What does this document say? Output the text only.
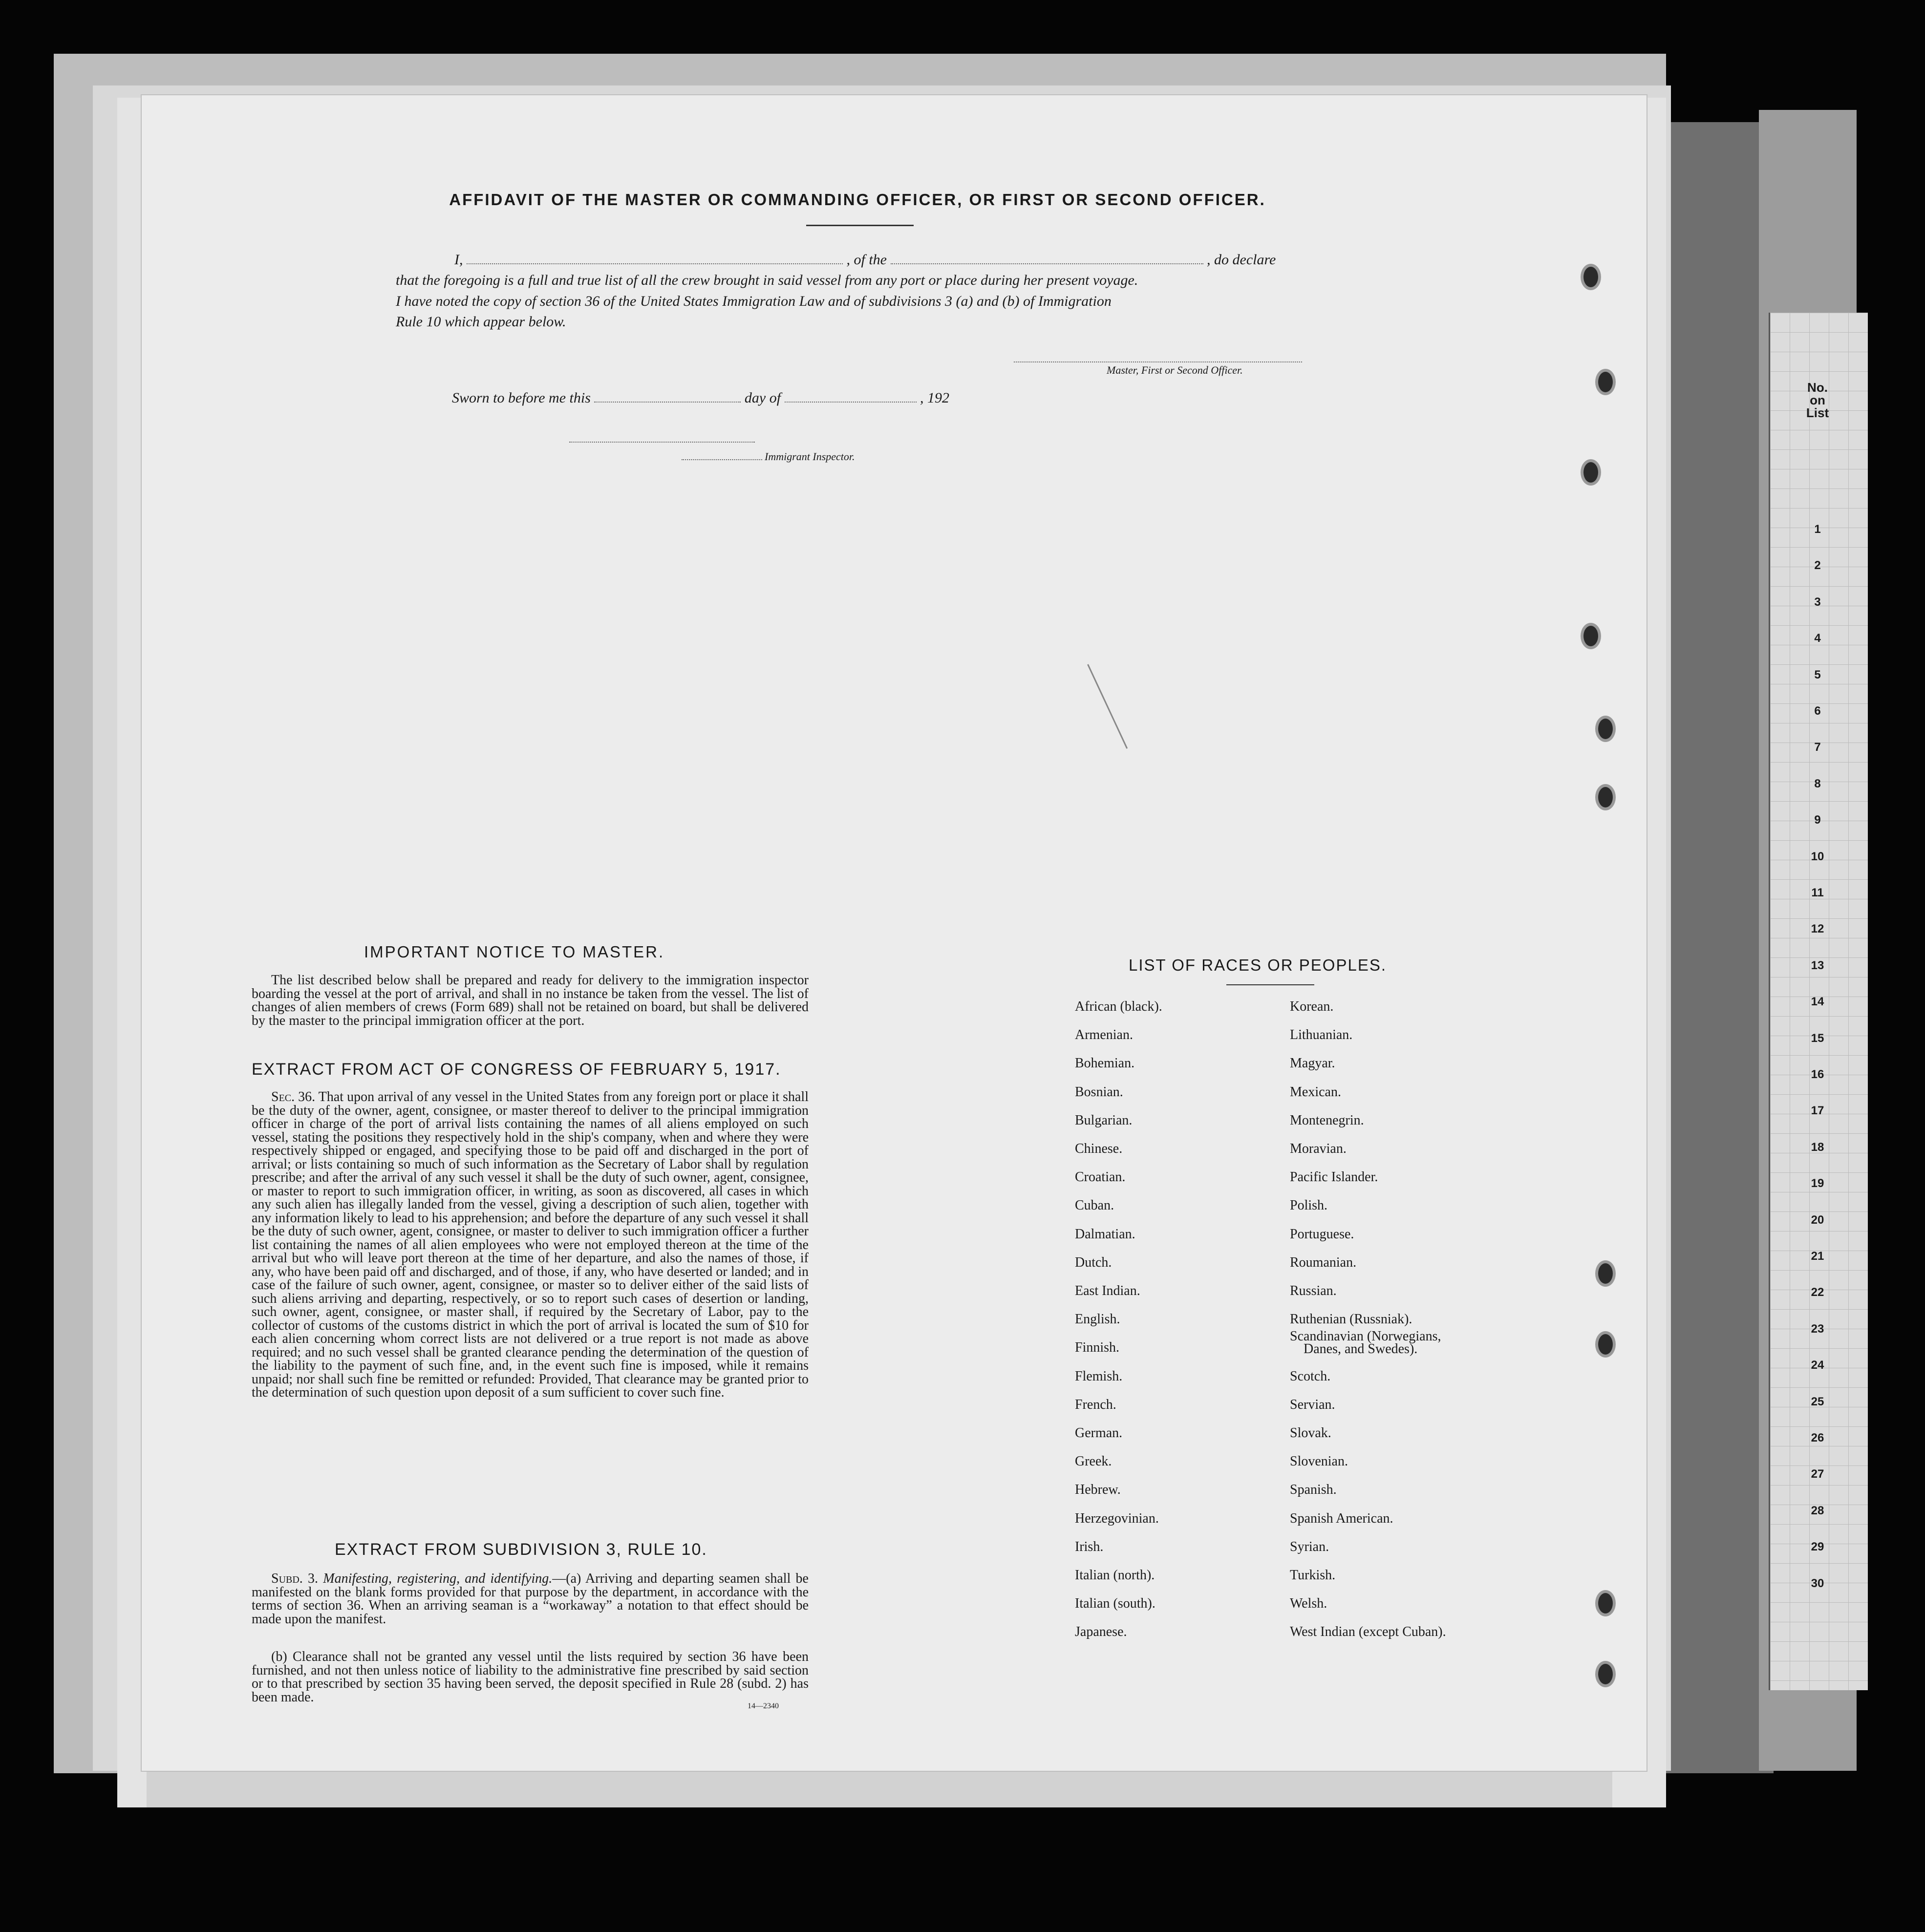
No.
on
List
1
2
3
4
5
6
7
8
9
10
11
12
13
14
15
16
17
18
19
20
21
22
23
24
25
26
27
28
29
30
AFFIDAVIT OF THE MASTER OR COMMANDING OFFICER, OR FIRST OR SECOND OFFICER.
I,	, of the	, do declare
that the foregoing is a full and true list of all the crew brought in said vessel from any port or place during her present voyage.
I have noted the copy of section 36 of the United States Immigration Law and of subdivisions 3 (a) and (b) of Immigration
Rule 10 which appear below.
Master, First or Second Officer.
Sworn to before me this	day of	, 192
Immigrant Inspector.
IMPORTANT NOTICE TO MASTER.
The list described below shall be prepared and ready for delivery to the immigration inspector boarding the vessel at the port of arrival, and shall in no instance be taken from the vessel. The list of changes of alien members of crews (Form 689) shall not be retained on board, but shall be delivered by the master to the principal immigration officer at the port.
EXTRACT FROM ACT OF CONGRESS OF FEBRUARY 5, 1917.
Sec. 36. That upon arrival of any vessel in the United States from any foreign port or place it shall be the duty of the owner, agent, consignee, or master thereof to deliver to the principal immigration officer in charge of the port of arrival lists containing the names of all aliens employed on such vessel, stating the positions they respectively hold in the ship's company, when and where they were respectively shipped or engaged, and specifying those to be paid off and discharged in the port of arrival; or lists containing so much of such information as the Secretary of Labor shall by regulation prescribe; and after the arrival of any such vessel it shall be the duty of such owner, agent, consignee, or master to report to such immigration officer, in writing, as soon as discovered, all cases in which any such alien has illegally landed from the vessel, giving a description of such alien, together with any information likely to lead to his apprehension; and before the departure of any such vessel it shall be the duty of such owner, agent, consignee, or master to deliver to such immigration officer a further list containing the names of all alien employees who were not employed thereon at the time of the arrival but who will leave port thereon at the time of her departure, and also the names of those, if any, who have been paid off and discharged, and of those, if any, who have deserted or landed; and in case of the failure of such owner, agent, consignee, or master so to deliver either of the said lists of such aliens arriving and departing, respectively, or so to report such cases of desertion or landing, such owner, agent, consignee, or master shall, if required by the Secretary of Labor, pay to the collector of customs of the customs district in which the port of arrival is located the sum of $10 for each alien concerning whom correct lists are not delivered or a true report is not made as above required; and no such vessel shall be granted clearance pending the determination of the question of the liability to the payment of such fine, and, in the event such fine is imposed, while it remains unpaid; nor shall such fine be remitted or refunded: Provided, That clearance may be granted prior to the determination of such question upon deposit of a sum sufficient to cover such fine.
EXTRACT FROM SUBDIVISION 3, RULE 10.
Subd. 3. Manifesting, registering, and identifying.—(a) Arriving and departing seamen shall be manifested on the blank forms provided for that purpose by the department, in accordance with the terms of section 36. When an arriving seaman is a “workaway” a notation to that effect should be made upon the manifest.
(b) Clearance shall not be granted any vessel until the lists required by section 36 have been furnished, and not then unless notice of liability to the administrative fine prescribed by said section or to that prescribed by section 35 having been served, the deposit specified in Rule 28 (subd. 2) has been made.
14—2340
LIST OF RACES OR PEOPLES.
African (black).
Armenian.
Bohemian.
Bosnian.
Bulgarian.
Chinese.
Croatian.
Cuban.
Dalmatian.
Dutch.
East Indian.
English.
Finnish.
Flemish.
French.
German.
Greek.
Hebrew.
Herzegovinian.
Irish.
Italian (north).
Italian (south).
Japanese.
Korean.
Lithuanian.
Magyar.
Mexican.
Montenegrin.
Moravian.
Pacific Islander.
Polish.
Portuguese.
Roumanian.
Russian.
Ruthenian (Russniak).
Scandinavian (Norwegians,
Danes, and Swedes).
Scotch.
Servian.
Slovak.
Slovenian.
Spanish.
Spanish American.
Syrian.
Turkish.
Welsh.
West Indian (except Cuban).
